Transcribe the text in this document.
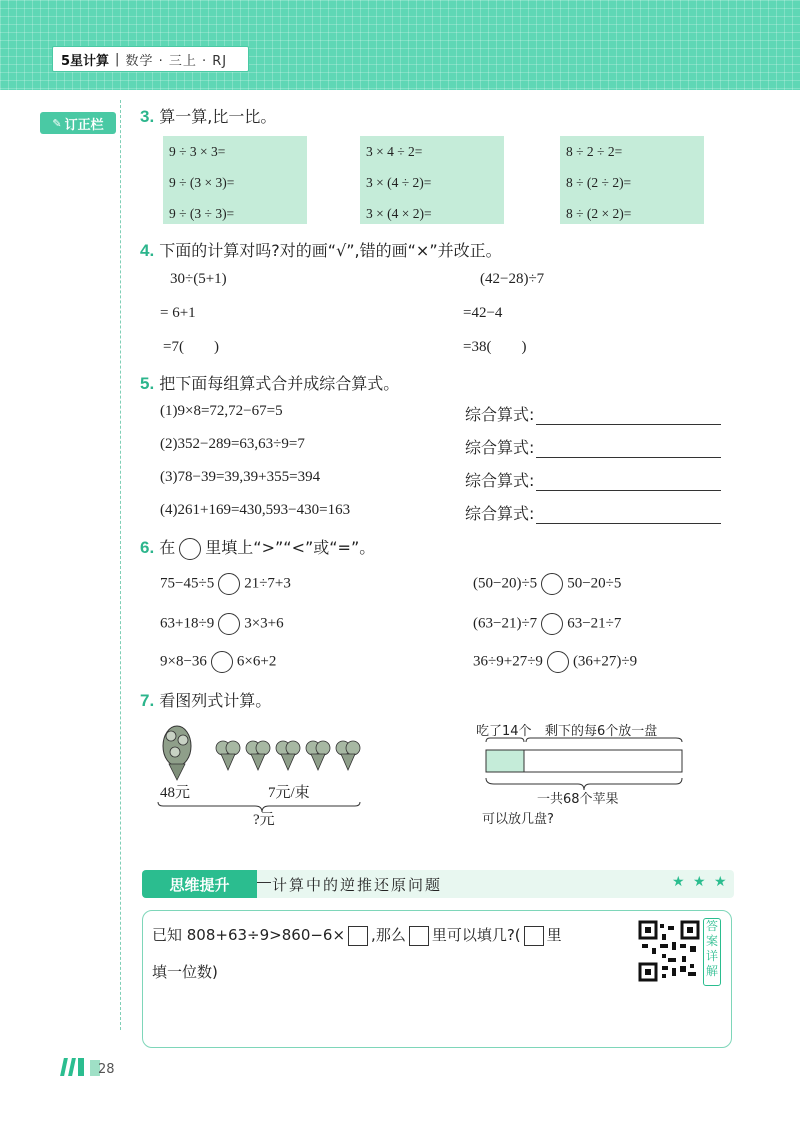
5星计算 | 数学 · 三上 · RJ
✎ 订正栏 3. 算一算,比一比。
9 ÷ 3 × 3=
9 ÷ (3 × 3)=
9 ÷ (3 ÷ 3)=
3 × 4 ÷ 2=
3 × (4 ÷ 2)=
3 × (4 × 2)=
8 ÷ 2 ÷ 2=
8 ÷ (2 ÷ 2)=
8 ÷ (2 × 2)=
4. 下面的计算对吗?对的画“√”,错的画“×”并改正。
30÷(5+1)
= 6+1
=7(        )
(42−28)÷7
=42−4
=38(        )
5. 把下面每组算式合并成综合算式。
(1)9×8=72,72−67=5
(2)352−289=63,63÷9=7
(3)78−39=39,39+355=394
(4)261+169=430,593−430=163
综合算式:
综合算式:
综合算式:
综合算式:
6. 在 里填上“>”“<”或“=”。
75−45÷5 21÷7+3	(50−20)÷5 50−20÷5
63+18÷9 3×3+6	(63−21)÷7 63−21÷7
9×8−36 6×6+2	36÷9+27÷9 (36+27)÷9
7. 看图列式计算。
48元	7元/束
?元
吃了14个 剩下的每6个放一盘
一共68个苹果
可以放几盘?
思维提升	计算中的逆推还原问题	★ ★ ★
已知 808+63÷9>860−6× ,那么 里可以填几?( 里
填一位数)
答案详解
28
